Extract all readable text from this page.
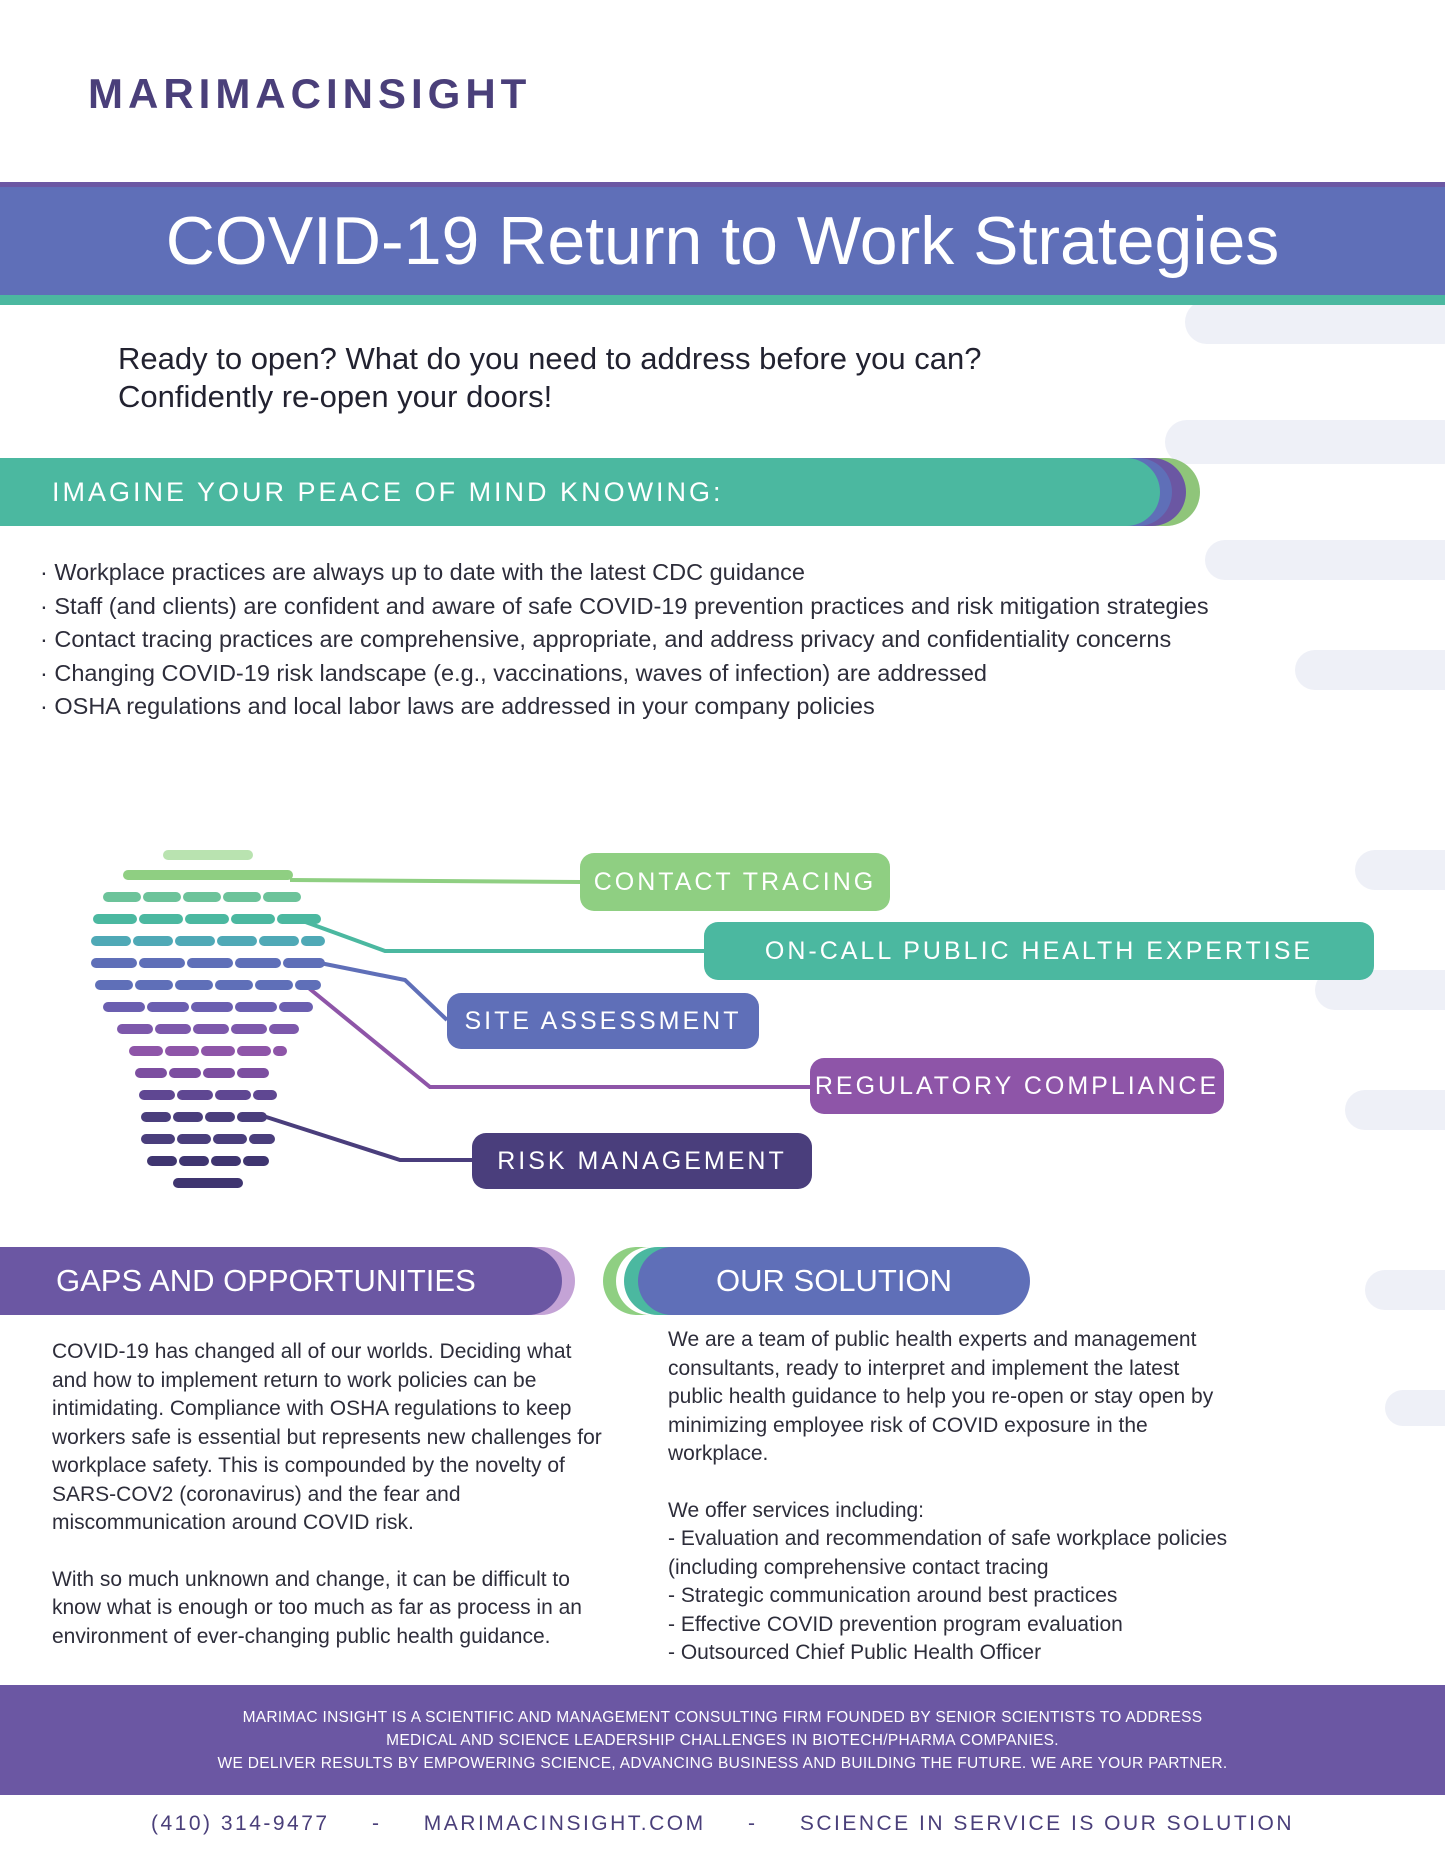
MARIMACINSIGHT
COVID-19 Return to Work Strategies
Ready to open? What do you need to address before you can?
Confidently re-open your doors!
IMAGINE YOUR PEACE OF MIND KNOWING:
· Workplace practices are always up to date with the latest CDC guidance
· Staff (and clients) are confident and aware of safe COVID-19 prevention practices and risk mitigation strategies
· Contact tracing practices are comprehensive, appropriate, and address privacy and confidentiality concerns
· Changing COVID-19 risk landscape (e.g., vaccinations, waves of infection) are addressed
· OSHA regulations and local labor laws are addressed in your company policies
CONTACT TRACING
ON-CALL PUBLIC HEALTH EXPERTISE
SITE ASSESSMENT
REGULATORY COMPLIANCE
RISK MANAGEMENT
GAPS AND OPPORTUNITIES	OUR SOLUTION

COVID-19 has changed all of our worlds. Deciding what and how to implement return to work policies can be intimidating. Compliance with OSHA regulations to keep workers safe is essential but represents new challenges for workplace safety. This is compounded by the novelty of SARS-COV2 (coronavirus) and the fear and miscommunication around COVID risk.

With so much unknown and change, it can be difficult to know what is enough or too much as far as process in an environment of ever-changing public health guidance.

We are a team of public health experts and management consultants, ready to interpret and implement the latest public health guidance to help you re-open or stay open by minimizing employee risk of COVID exposure in the workplace.

We offer services including:
- Evaluation and recommendation of safe workplace policies (including comprehensive contact tracing
- Strategic communication around best practices
- Effective COVID prevention program evaluation
- Outsourced Chief Public Health Officer
MARIMAC INSIGHT IS A SCIENTIFIC AND MANAGEMENT CONSULTING FIRM FOUNDED BY SENIOR SCIENTISTS TO ADDRESS
MEDICAL AND SCIENCE LEADERSHIP CHALLENGES IN BIOTECH/PHARMA COMPANIES.
WE DELIVER RESULTS BY EMPOWERING SCIENCE, ADVANCING BUSINESS AND BUILDING THE FUTURE. WE ARE YOUR PARTNER.
(410) 314-9477 - MARIMACINSIGHT.COM - SCIENCE IN SERVICE IS OUR SOLUTION
